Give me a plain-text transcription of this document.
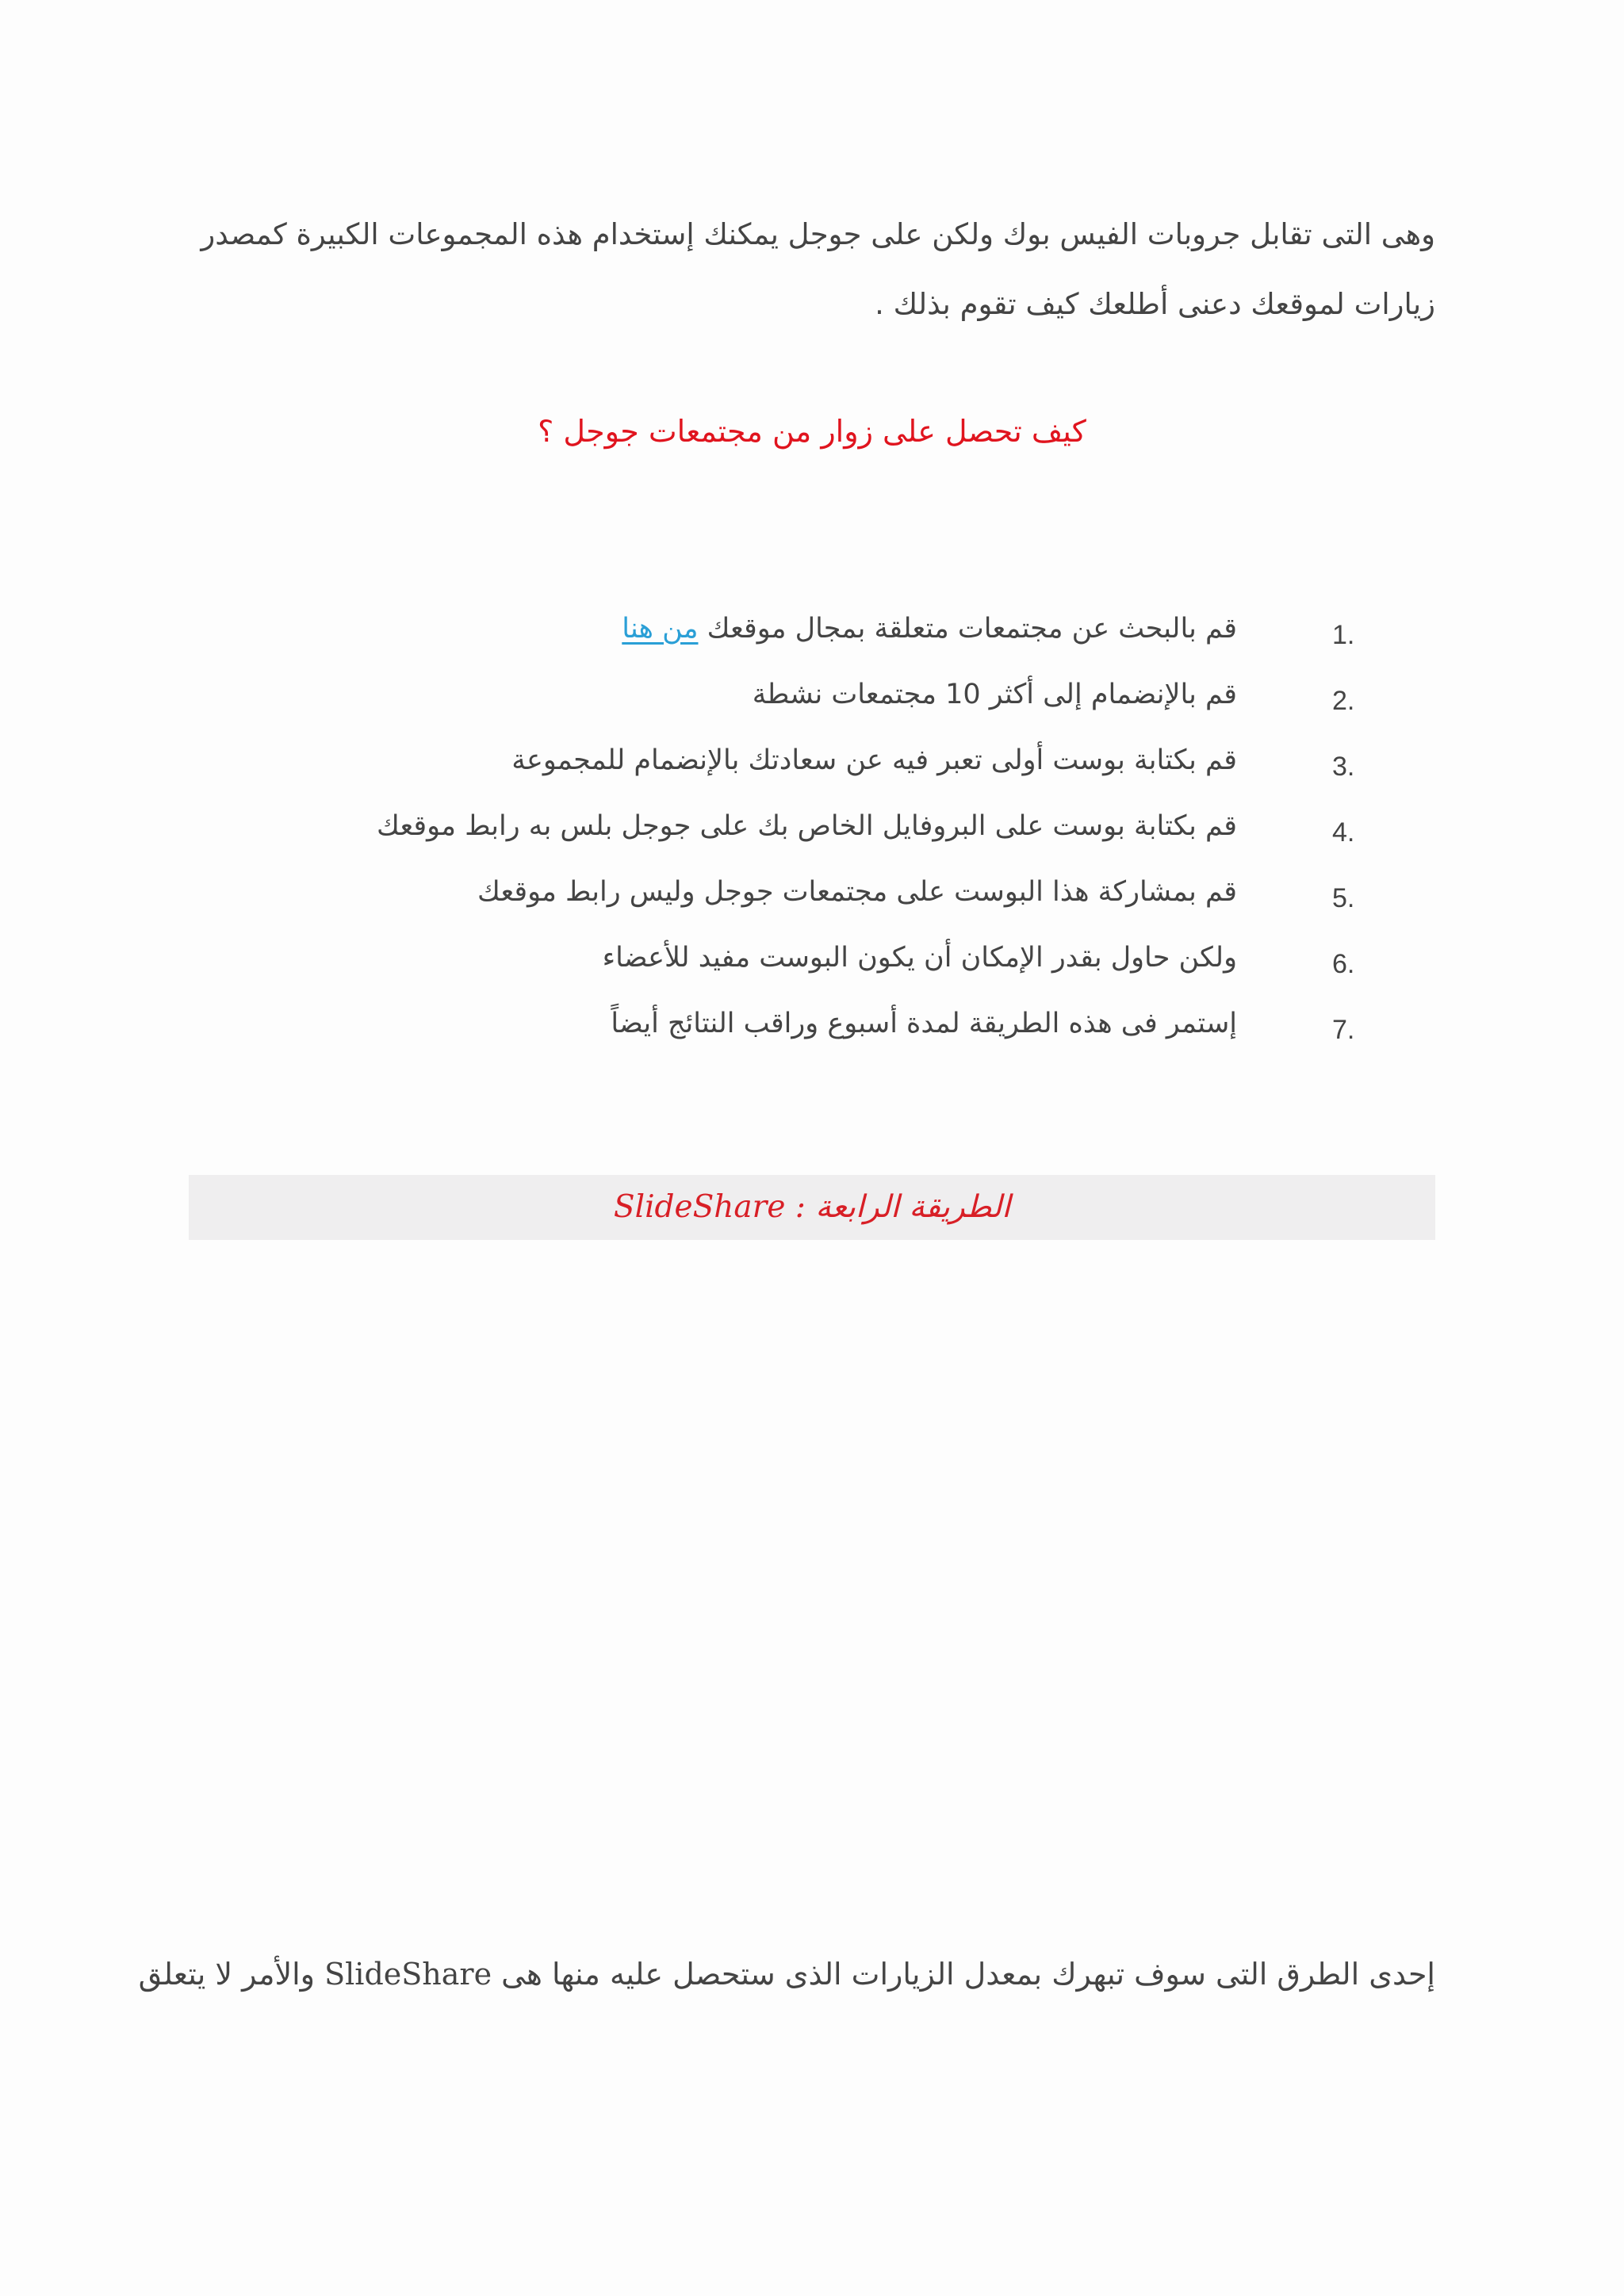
وهى التى تقابل جروبات الفيس بوك ولكن على جوجل يمكنك إستخدام هذه المجموعات الكبيرة كمصدر
زيارات لموقعك دعنى أطلعك كيف تقوم بذلك .

كيف تحصل على زوار من مجتمعات جوجل ؟
1.
قم بالبحث عن مجتمعات متعلقة بمجال موقعك من هنا
2.
قم بالإنضمام إلى أكثر 10 مجتمعات نشطة
3.
قم بكتابة بوست أولى تعبر فيه عن سعادتك بالإنضمام للمجموعة
4.
قم بكتابة بوست على البروفايل الخاص بك على جوجل بلس به رابط موقعك
5.
قم بمشاركة هذا البوست على مجتمعات جوجل وليس رابط موقعك
6.
ولكن حاول بقدر الإمكان أن يكون البوست مفيد للأعضاء
7.
إستمر فى هذه الطريقة لمدة أسبوع وراقب النتائج أيضاً
الطريقة الرابعة : SlideShare

إحدى الطرق التى سوف تبهرك بمعدل الزيارات الذى ستحصل عليه منها هى SlideShare والأمر لا يتعلق
